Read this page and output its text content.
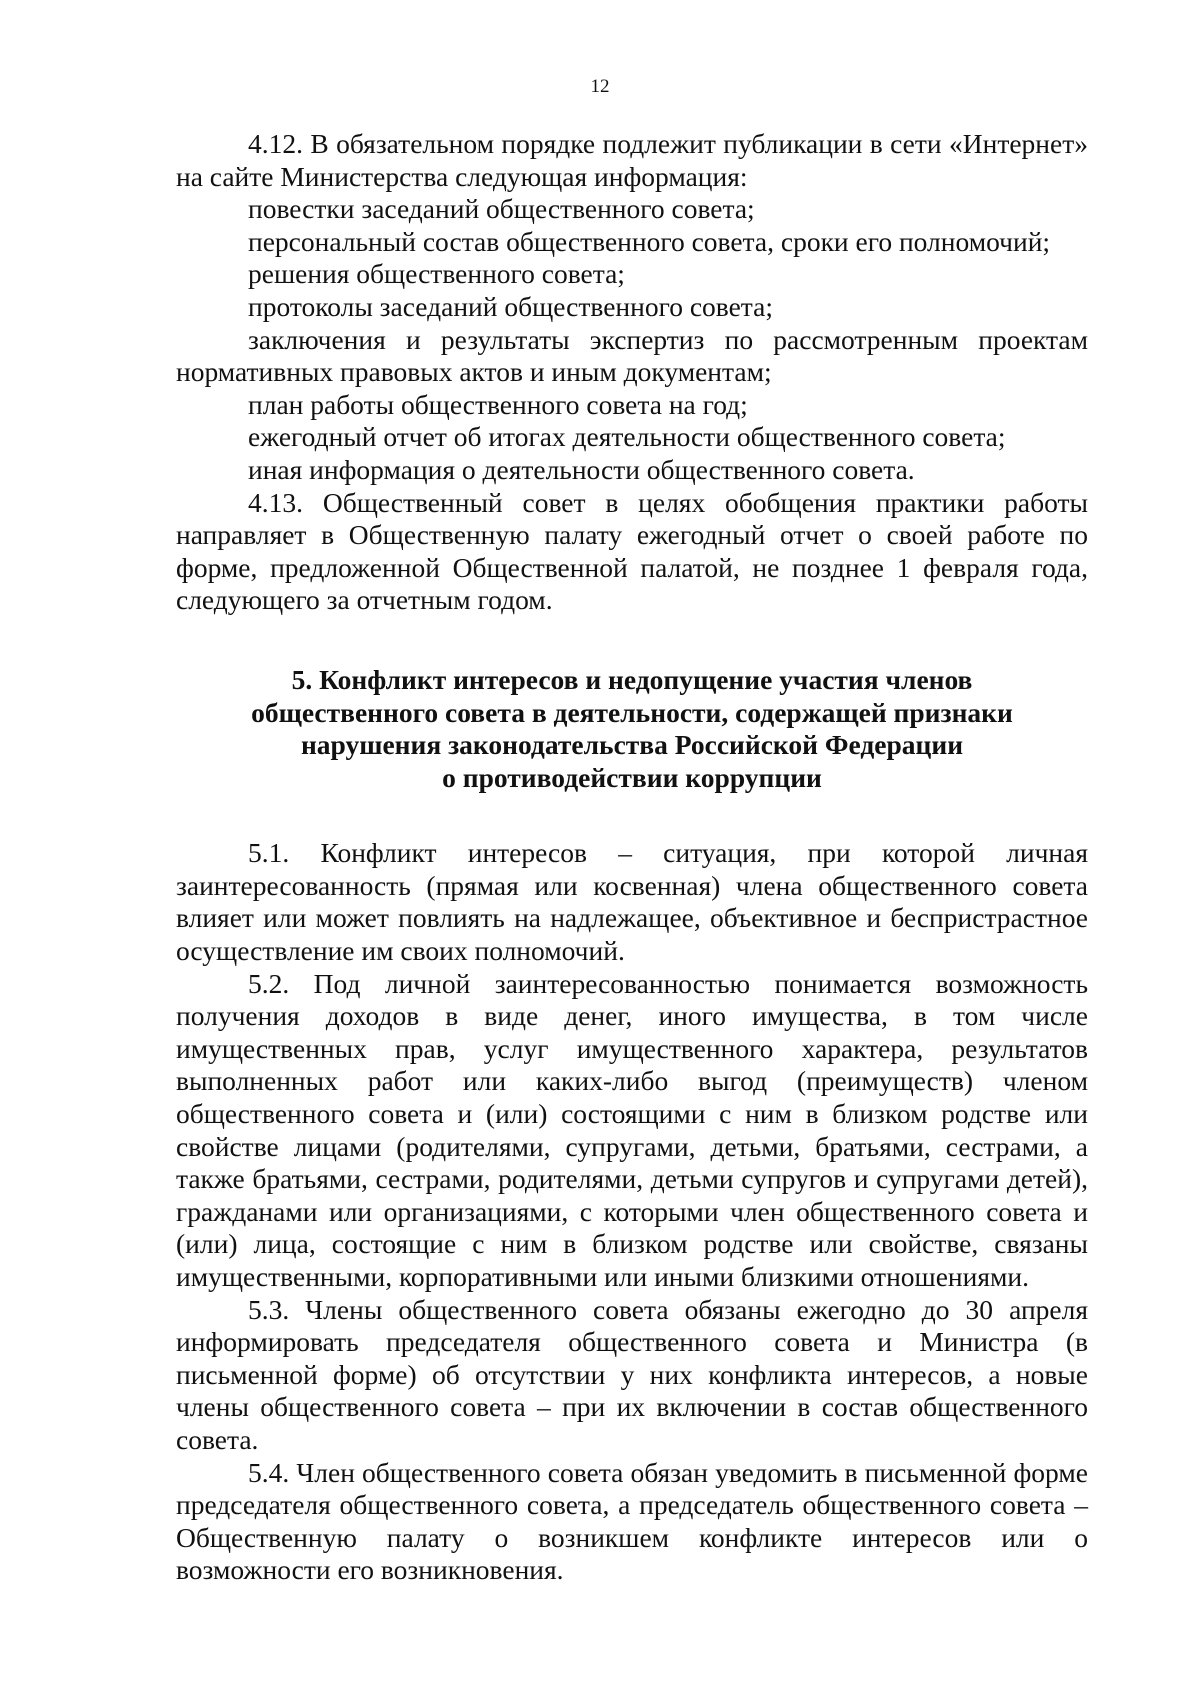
12

4.12. В обязательном порядке подлежит публикации в сети «Интернет» на сайте Министерства следующая информация:

повестки заседаний общественного совета;

персональный состав общественного совета, сроки его полномочий;

решения общественного совета;

протоколы заседаний общественного совета;

заключения и результаты экспертиз по рассмотренным проектам нормативных правовых актов и иным документам;

план работы общественного совета на год;

ежегодный отчет об итогах деятельности общественного совета;

иная информация о деятельности общественного совета.

4.13. Общественный совет в целях обобщения практики работы направляет в Общественную палату ежегодный отчет о своей работе по форме, предложенной Общественной палатой, не позднее 1 февраля года, следующего за отчетным годом.

5. Конфликт интересов и недопущение участия членов
общественного совета в деятельности, содержащей признаки
нарушения законодательства Российской Федерации
о противодействии коррупции

5.1. Конфликт интересов – ситуация, при которой личная заинтересованность (прямая или косвенная) члена общественного совета влияет или может повлиять на надлежащее, объективное и беспристрастное осуществление им своих полномочий.

5.2. Под личной заинтересованностью понимается возможность получения доходов в виде денег, иного имущества, в том числе имущественных прав, услуг имущественного характера, результатов выполненных работ или каких-либо выгод (преимуществ) членом общественного совета и (или) состоящими с ним в близком родстве или свойстве лицами (родителями, супругами, детьми, братьями, сестрами, а также братьями, сестрами, родителями, детьми супругов и супругами детей), гражданами или организациями, с которыми член общественного совета и (или) лица, состоящие с ним в близком родстве или свойстве, связаны имущественными, корпоративными или иными близкими отношениями.

5.3. Члены общественного совета обязаны ежегодно до 30 апреля информировать председателя общественного совета и Министра (в письменной форме) об отсутствии у них конфликта интересов, а новые члены общественного совета – при их включении в состав общественного совета.

5.4. Член общественного совета обязан уведомить в письменной форме председателя общественного совета, а председатель общественного совета – Общественную палату о возникшем конфликте интересов или о возможности его возникновения.
